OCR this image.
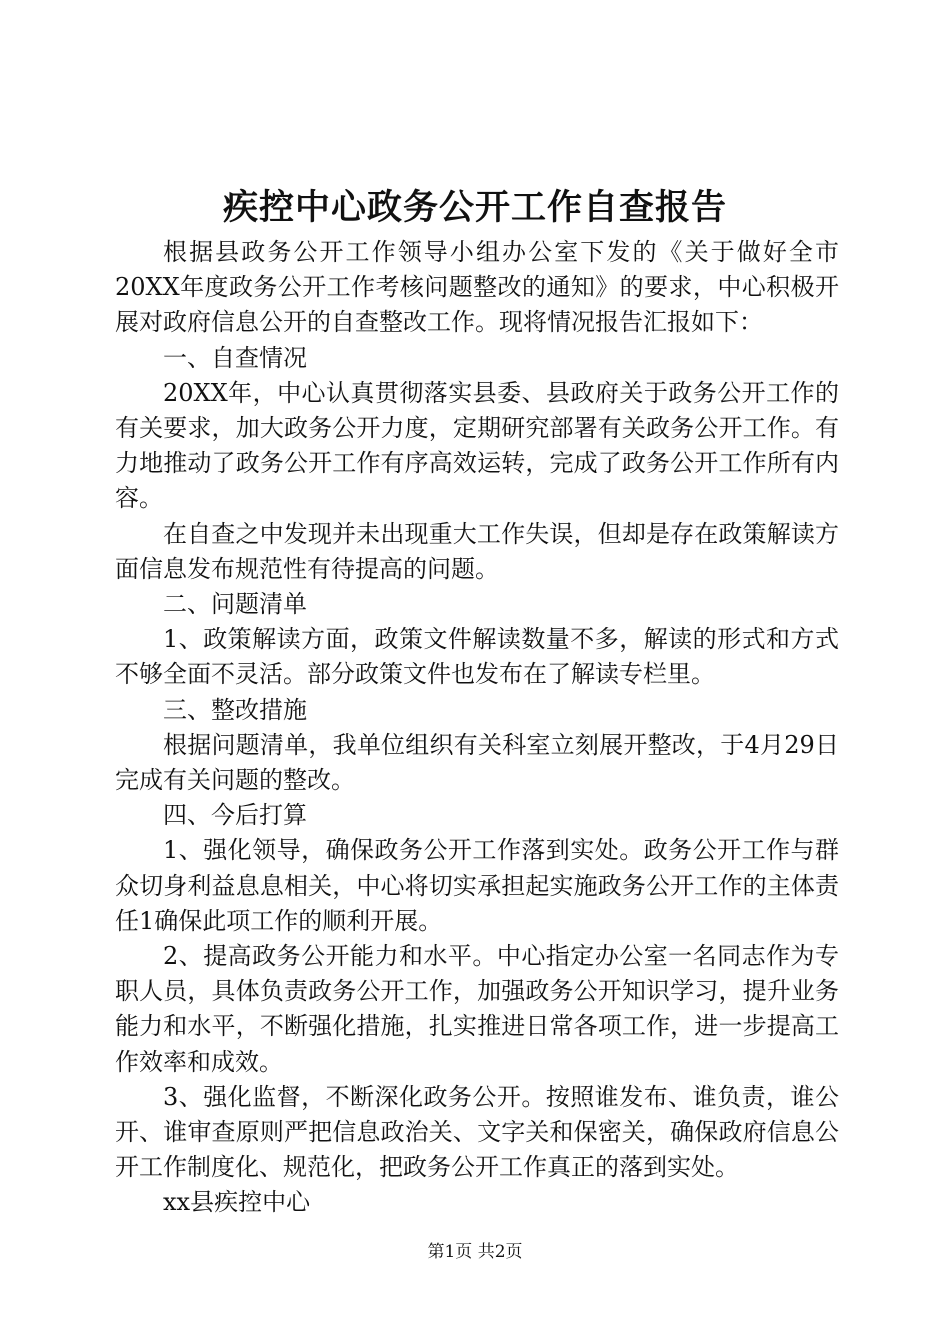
疾控中心政务公开工作自查报告

根据县政务公开工作领导小组办公室下发的《关于做好全市20XX年度政务公开工作考核问题整改的通知》的要求，中心积极开展对政府信息公开的自查整改工作。现将情况报告汇报如下：

一、自查情况

20XX年，中心认真贯彻落实县委、县政府关于政务公开工作的有关要求，加大政务公开力度，定期研究部署有关政务公开工作。有力地推动了政务公开工作有序高效运转，完成了政务公开工作所有内容。

在自查之中发现并未出现重大工作失误，但却是存在政策解读方面信息发布规范性有待提高的问题。

二、问题清单

1、政策解读方面，政策文件解读数量不多，解读的形式和方式不够全面不灵活。部分政策文件也发布在了解读专栏里。

三、整改措施

根据问题清单，我单位组织有关科室立刻展开整改，于4月29日完成有关问题的整改。

四、今后打算

1、强化领导，确保政务公开工作落到实处。政务公开工作与群众切身利益息息相关，中心将切实承担起实施政务公开工作的主体责任1确保此项工作的顺利开展。

2、提高政务公开能力和水平。中心指定办公室一名同志作为专职人员，具体负责政务公开工作，加强政务公开知识学习，提升业务能力和水平，不断强化措施，扎实推进日常各项工作，进一步提高工作效率和成效。

3、强化监督，不断深化政务公开。按照谁发布、谁负责，谁公开、谁审查原则严把信息政治关、文字关和保密关，确保政府信息公开工作制度化、规范化，把政务公开工作真正的落到实处。

xx县疾控中心

第1页 共2页
